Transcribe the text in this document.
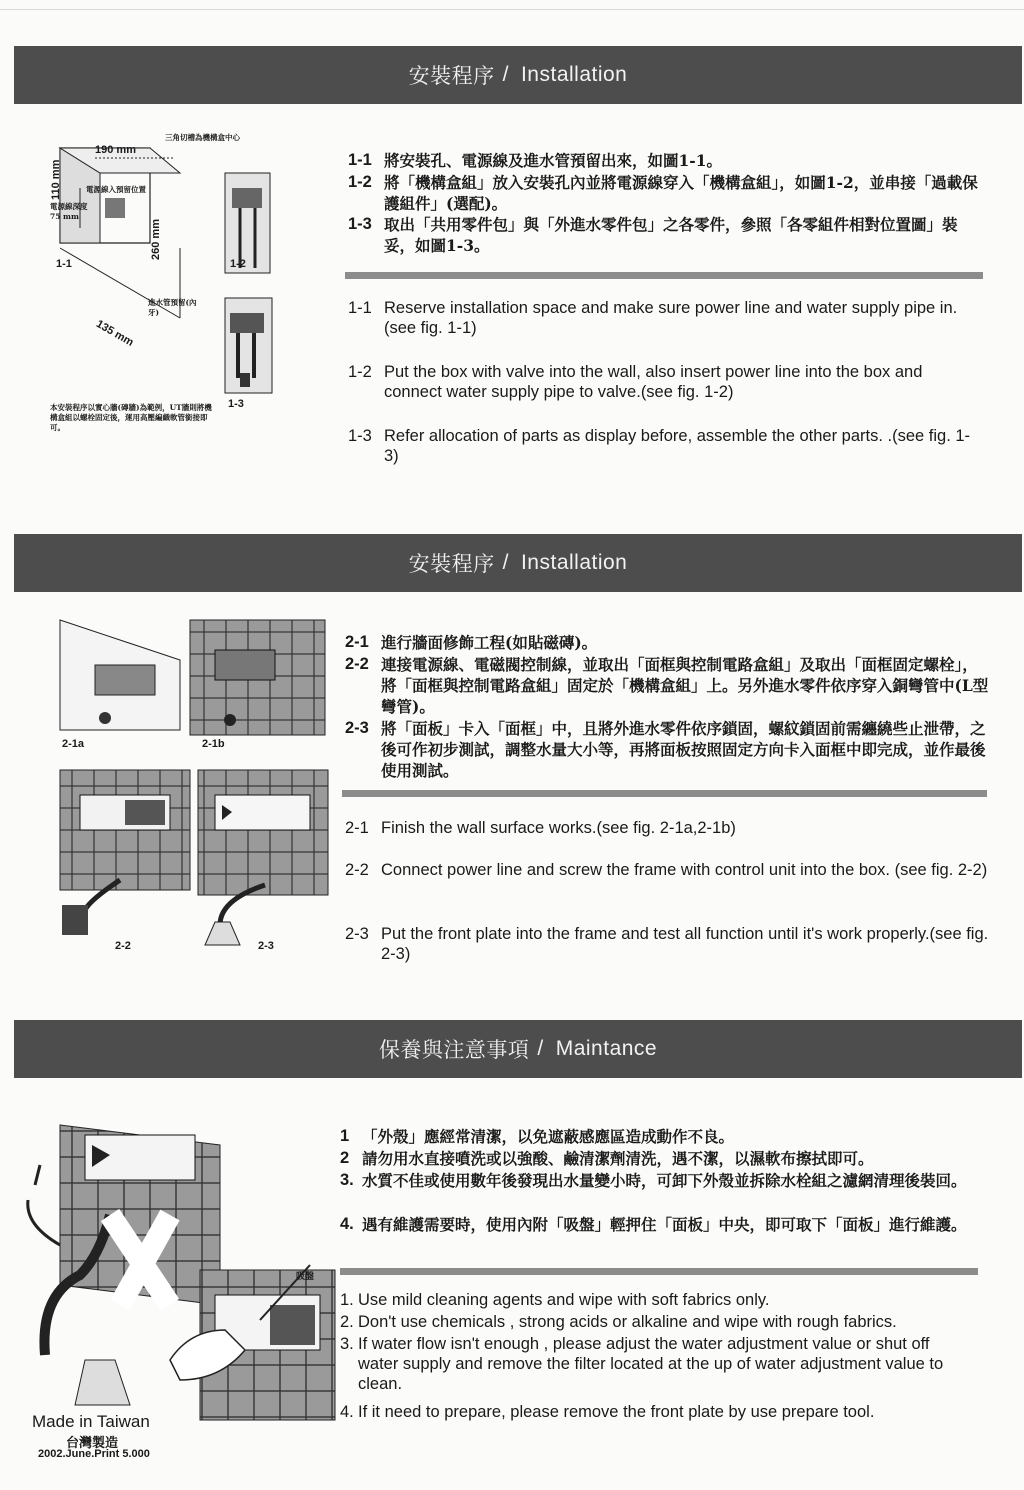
安裝程序 / Installation
190 mm
110 mm
260 mm
135 mm
三角切槽為機構盒中心
電源線入預留位置
電源線深度 75 mm
進水管預留(內牙)
本安裝程序以實心牆(磚牆)為範例，UT牆則將機構盒組以螺栓固定後，運用高壓編織軟管銜接即可。
1-1	1-2
1-3
1-1 將安裝孔、電源線及進水管預留出來，如圖1-1。
1-2 將「機構盒組」放入安裝孔內並將電源線穿入「機構盒組」，如圖1-2，並串接「過載保護組件」(選配)。
1-3 取出「共用零件包」與「外進水零件包」之各零件，參照「各零組件相對位置圖」裝妥，如圖1-3。
1-1 Reserve installation space and make sure power line and water supply pipe in.(see fig. 1-1)
1-2 Put the box with valve into the wall, also insert power line into the box and connect water supply pipe to valve.(see fig. 1-2)
1-3 Refer allocation of parts as display before, assemble the other parts. .(see fig. 1-3)
安裝程序 / Installation
2-1a	2-1b
2-2	2-3
2-1 進行牆面修飾工程(如貼磁磚)。
2-2 連接電源線、電磁閥控制線，並取出「面框與控制電路盒組」及取出「面框固定螺栓」，將「面框與控制電路盒組」固定於「機構盒組」上。另外進水零件依序穿入銅彎管中(L型彎管)。
2-3 將「面板」卡入「面框」中，且將外進水零件依序鎖固，螺紋鎖固前需纏繞些止泄帶，之後可作初步測試，調整水量大小等，再將面板按照固定方向卡入面框中即完成，並作最後使用測試。
2-1 Finish the wall surface works.(see fig. 2-1a,2-1b)
2-2 Connect power line and screw the frame with control unit into the box. (see fig. 2-2)
2-3 Put the front plate into the frame and test all function until it's work properly.(see fig. 2-3)
保養與注意事項 / Maintance
吸盤
1 「外殼」應經常清潔，以免遮蔽感應區造成動作不良。
2 請勿用水直接噴洗或以強酸、鹼清潔劑清洗，遇不潔，以濕軟布擦拭即可。
3. 水質不佳或使用數年後發現出水量變小時，可卸下外殼並拆除水栓組之濾網清理後裝回。
4. 遇有維護需要時，使用內附「吸盤」輕押住「面板」中央，即可取下「面板」進行維護。
1. Use mild cleaning agents and wipe with soft fabrics only.
2. Don't use chemicals , strong acids or alkaline and wipe with rough fabrics.
3. If water flow isn't enough , please adjust the water adjustment value or shut off water supply and remove the filter located at the up of water adjustment value to clean.
4. If it need to prepare, please remove the front plate by use prepare tool.
Made in Taiwan
台灣製造
2002.June.Print 5.000
